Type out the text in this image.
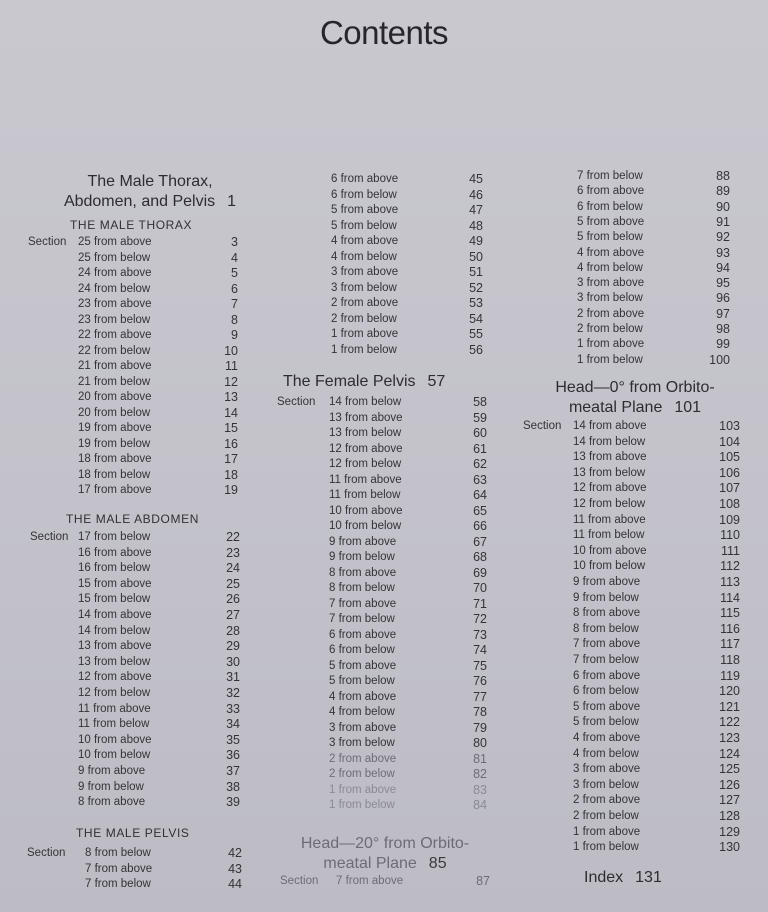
Contents
The Male Thorax,
Abdomen, and Pelvis 1
THE MALE THORAX
Section 25 from above	3
25 from below	4
24 from above	5
24 from below	6
23 from above	7
23 from below	8
22 from above	9
22 from below	10
21 from above	11
21 from below	12
20 from above	13
20 from below	14
19 from above	15
19 from below	16
18 from above	17
18 from below	18
17 from above	19
THE MALE ABDOMEN
Section 17 from below	22
16 from above	23
16 from below	24
15 from above	25
15 from below	26
14 from above	27
14 from below	28
13 from above	29
13 from below	30
12 from above	31
12 from below	32
11 from above	33
11 from below	34
10 from above	35
10 from below	36
9 from above	37
9 from below	38
8 from above	39
THE MALE PELVIS
Section 8 from below	42
7 from above	43
7 from below	44
6 from above	45
6 from below	46
5 from above	47
5 from below	48
4 from above	49
4 from below	50
3 from above	51
3 from below	52
2 from above	53
2 from below	54
1 from above	55
1 from below	56
The Female Pelvis 57
Section 14 from below	58
13 from above	59
13 from below	60
12 from above	61
12 from below	62
11 from above	63
11 from below	64
10 from above	65
10 from below	66
9 from above	67
9 from below	68
8 from above	69
8 from below	70
7 from above	71
7 from below	72
6 from above	73
6 from below	74
5 from above	75
5 from below	76
4 from above	77
4 from below	78
3 from above	79
3 from below	80
2 from above	81
2 from below	82
1 from above	83
1 from below	84
Head—20° from Orbito-
meatal Plane 85
Section 7 from above	87
7 from below	88
6 from above	89
6 from below	90
5 from above	91
5 from below	92
4 from above	93
4 from below	94
3 from above	95
3 from below	96
2 from above	97
2 from below	98
1 from above	99
1 from below	100
Head—0° from Orbito-
meatal Plane 101
Section 14 from above	103
14 from below	104
13 from above	105
13 from below	106
12 from above	107
12 from below	108
11 from above	109
11 from below	110
10 from above	111
10 from below	112
9 from above	113
9 from below	114
8 from above	115
8 from below	116
7 from above	117
7 from below	118
6 from above	119
6 from below	120
5 from above	121
5 from below	122
4 from above	123
4 from below	124
3 from above	125
3 from below	126
2 from above	127
2 from below	128
1 from above	129
1 from below	130
Index 131
